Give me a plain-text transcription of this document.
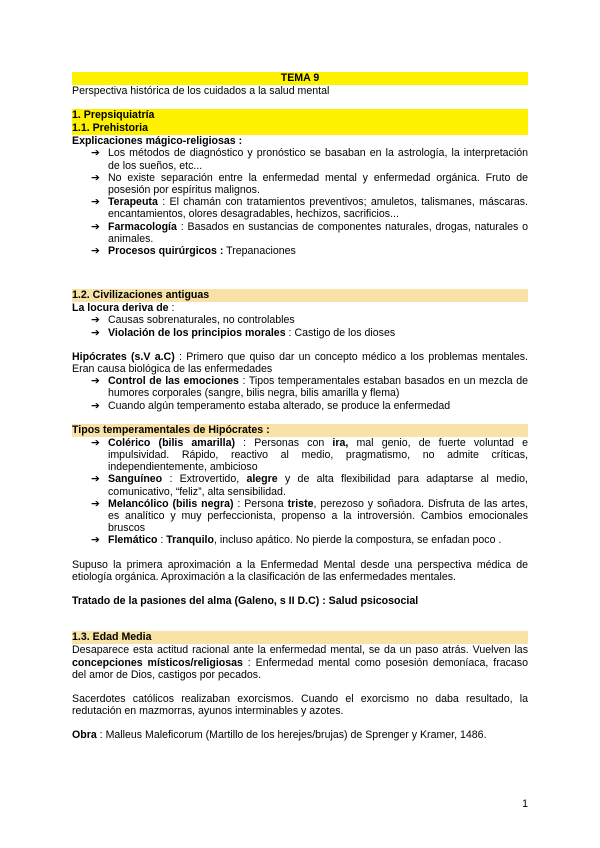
TEMA 9
Perspectiva histórica de los cuidados a la salud mental
1. Prepsiquiatría
1.1. Prehistoria
Explicaciones mágico-religiosas :
➔ Los métodos de diagnóstico y pronóstico se basaban en la astrología, la interpretación de los sueños, etc...
➔ No existe separación entre la enfermedad mental y enfermedad orgánica. Fruto de posesión por espíritus malignos.
➔ Terapeuta : El chamán con tratamientos preventivos; amuletos, talismanes, máscaras. encantamientos, olores desagradables, hechizos, sacrificios...
➔ Farmacología : Basados en sustancias de componentes naturales, drogas, naturales o animales.
➔ Procesos quirúrgicos : Trepanaciones
1.2. Civilizaciones antiguas
La locura deriva de :
➔ Causas sobrenaturales, no controlables
➔ Violación de los principios morales : Castigo de los dioses
Hipócrates (s.V a.C) : Primero que quiso dar un concepto médico a los problemas mentales. Eran causa biológica de las enfermedades
➔ Control de las emociones : Tipos temperamentales estaban basados en un mezcla de humores corporales (sangre, bilis negra, bilis amarilla y flema)
➔ Cuando algún temperamento estaba alterado, se produce la enfermedad
Tipos temperamentales de Hipócrates :
➔ Colérico (bilis amarilla) : Personas con ira, mal genio, de fuerte voluntad e impulsividad. Rápido, reactivo al medio, pragmatismo, no admite críticas, independientemente, ambicioso
➔ Sanguíneo : Extrovertido, alegre y de alta flexibilidad para adaptarse al medio, comunicativo, “feliz”, alta sensibilidad.
➔ Melancólico (bilis negra) : Persona triste, perezoso y soñadora. Disfruta de las artes, es analítico y muy perfeccionista, propenso a la introversión. Cambios emocionales bruscos
➔ Flemático : Tranquilo, incluso apático. No pierde la compostura, se enfadan poco .
Supuso la primera aproximación a la Enfermedad Mental desde una perspectiva médica de etiología orgánica. Aproximación a la clasificación de las enfermedades mentales.
Tratado de la pasiones del alma (Galeno, s II D.C) : Salud psicosocial
1.3. Edad Media
Desaparece esta actitud racional ante la enfermedad mental, se da un paso atrás. Vuelven las concepciones místicos/religiosas : Enfermedad mental como posesión demoníaca, fracaso del amor de Dios, castigos por pecados.
Sacerdotes católicos realizaban exorcismos. Cuando el exorcismo no daba resultado, la redutación en mazmorras, ayunos interminables y azotes.
Obra : Malleus Maleficorum (Martillo de los herejes/brujas) de Sprenger y Kramer, 1486.
1
